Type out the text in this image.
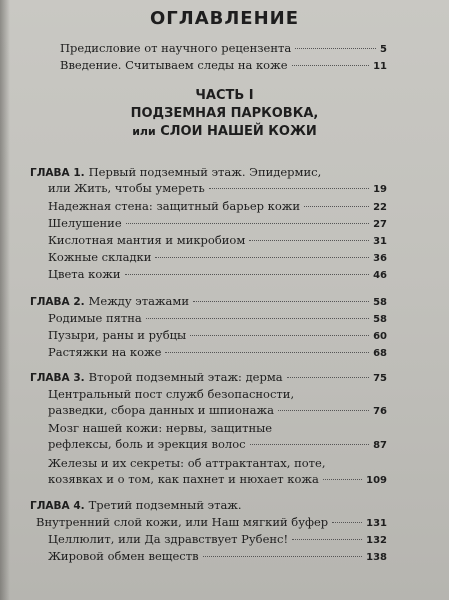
ОГЛАВЛЕНИЕ
Предисловие от научного рецензента	5
Введение. Считываем следы на коже	11
ЧАСТЬ I
ПОДЗЕМНАЯ ПАРКОВКА,
или СЛОИ НАШЕЙ КОЖИ
ГЛАВА 1. Первый подземный этаж. Эпидермис,
или Жить, чтобы умереть	19
Надежная стена: защитный барьер кожи	22
Шелушение	27
Кислотная мантия и микробиом	31
Кожные складки	36
Цвета кожи	46
ГЛАВА 2. Между этажами	58
Родимые пятна	58
Пузыри, раны и рубцы	60
Растяжки на коже	68
ГЛАВА 3. Второй подземный этаж: дерма	75
Центральный пост служб безопасности,
разведки, сбора данных и шпионажа	76
Мозг нашей кожи: нервы, защитные
рефлексы, боль и эрекция волос	87
Железы и их секреты: об аттрактантах, поте,
козявках и о том, как пахнет и нюхает кожа	109
ГЛАВА 4. Третий подземный этаж.
Внутренний слой кожи, или Наш мягкий буфер	131
Целлюлит, или Да здравствует Рубенс!	132
Жировой обмен веществ	138
